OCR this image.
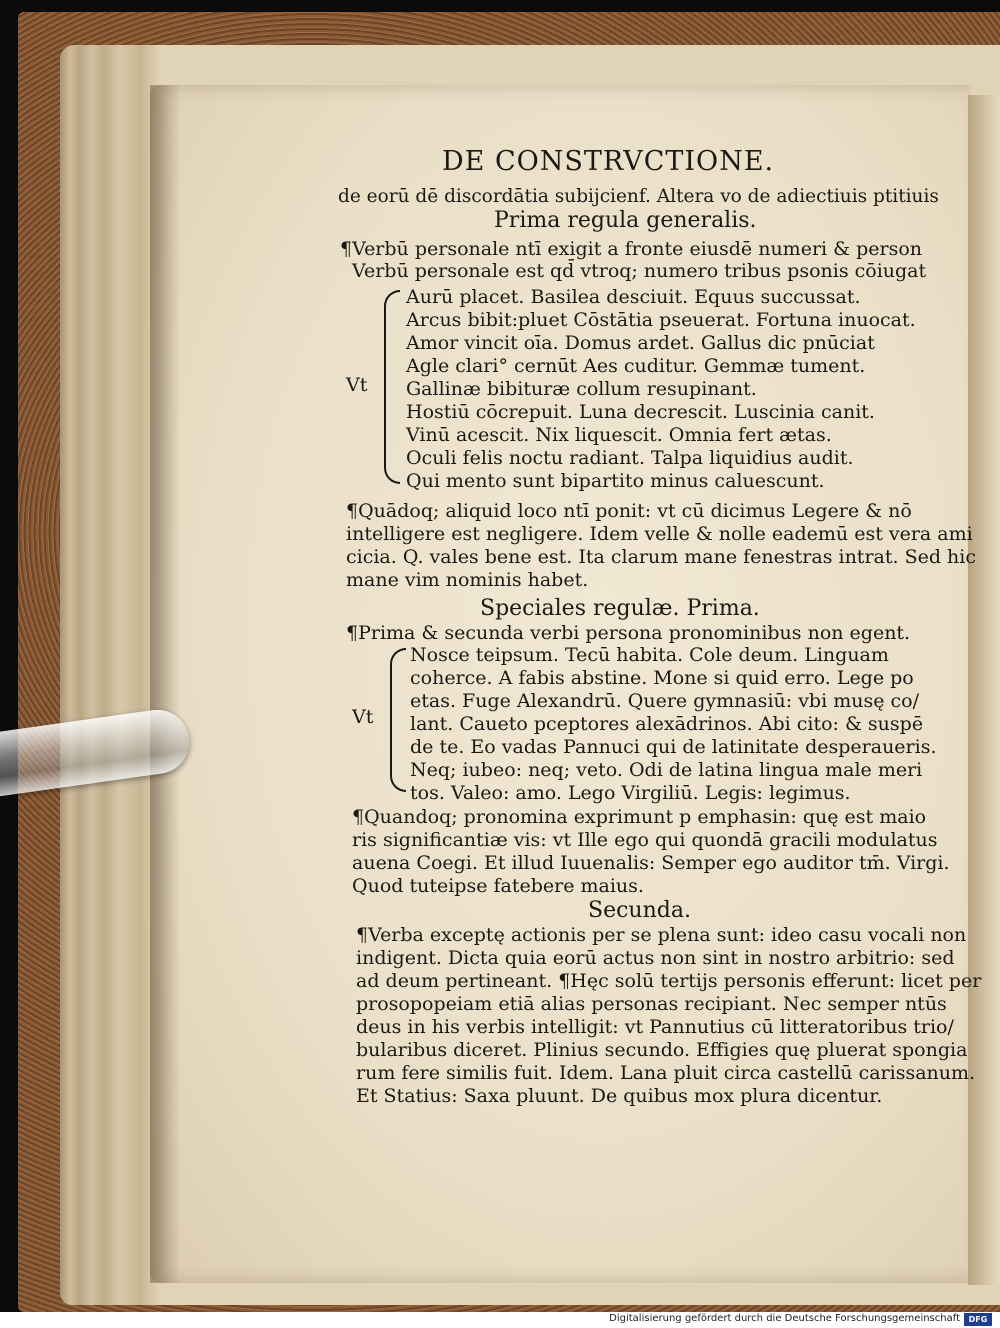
DE CONSTRVCTIONE.
de eorū dē discordātia subijcienf. Altera vo de adiectiuis ptitiuis
Prima regula generalis.
¶Verbū personale ntī exigit a fronte eiusdē numeri & person
Verbū personale est qd̄ vtroq; numero tribus psonis cōiugat
Vt
Aurū placet. Basilea desciuit. Equus succussat.
Arcus bibit:pluet Cōstātia pseuerat. Fortuna inuocat.
Amor vincit oīa. Domus ardet. Gallus dic pnūciat
Agle clari° cernūt Aes cuditur. Gemmæ tument.
Gallinæ bibituræ collum resupinant.
Hostiū cōcrepuit. Luna decrescit. Luscinia canit.
Vinū acescit. Nix liquescit. Omnia fert ætas.
Oculi felis noctu radiant. Talpa liquidius audit.
Qui mento sunt bipartito minus caluescunt.
¶Quādoq; aliquid loco ntī ponit: vt cū dicimus Legere & nō
intelligere est negligere. Idem velle & nolle eademū est vera ami
cicia. Q. vales bene est. Ita clarum mane fenestras intrat. Sed hic
mane vim nominis habet.
Speciales regulæ. Prima.
¶Prima & secunda verbi persona pronominibus non egent.
Vt
Nosce teipsum. Tecū habita. Cole deum. Linguam
coherce. A fabis abstine. Mone si quid erro. Lege po
etas. Fuge Alexandrū. Quere gymnasiū: vbi musę co/
lant. Caueto pceptores alexādrinos. Abi cito: & suspē
de te. Eo vadas Pannuci qui de latinitate desperaueris.
Neq; iubeo: neq; veto. Odi de latina lingua male meri
tos. Valeo: amo. Lego Virgiliū. Legis: legimus.
¶Quandoq; pronomina exprimunt p emphasin: quę est maio
ris significantiæ vis: vt Ille ego qui quondā gracili modulatus
auena Coegi. Et illud Iuuenalis: Semper ego auditor tm̄. Virgi.
Quod tuteipse fatebere maius.
Secunda.
¶Verba exceptę actionis per se plena sunt: ideo casu vocali non
indigent. Dicta quia eorū actus non sint in nostro arbitrio: sed
ad deum pertineant. ¶Hęc solū tertijs personis efferunt: licet per
prosopopeiam etiā alias personas recipiant. Nec semper ntūs
deus in his verbis intelligit: vt Pannutius cū litteratoribus trio/
bularibus diceret. Plinius secundo. Effigies quę pluerat spongia
rum fere similis fuit. Idem. Lana pluit circa castellū carissanum.
Et Statius: Saxa pluunt. De quibus mox plura dicentur.
Digitalisierung gefördert durch die Deutsche Forschungsgemeinschaft	DFG
